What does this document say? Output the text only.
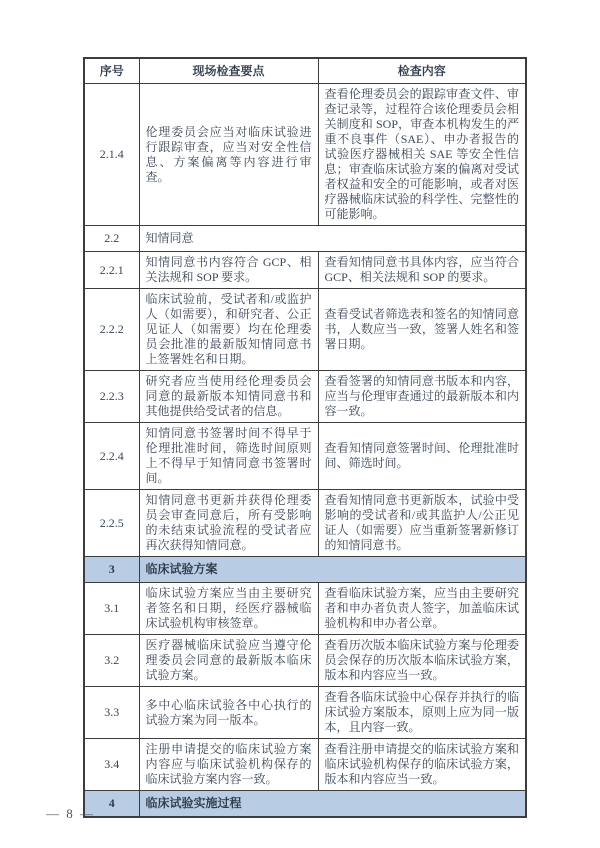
序号	现场检查要点	检查内容
2.1.4	伦理委员会应当对临床试验进行跟踪审查，应当对安全性信息、方案偏离等内容进行审查。	查看伦理委员会的跟踪审查文件、审查记录等，过程符合该伦理委员会相关制度和 SOP，审查本机构发生的严重不良事件（SAE）、申办者报告的试验医疗器械相关 SAE 等安全性信息；审查临床试验方案的偏离对受试者权益和安全的可能影响，或者对医疗器械临床试验的科学性、完整性的可能影响。
2.2	知情同意	
2.2.1	知情同意书内容符合 GCP、相关法规和 SOP 要求。	查看知情同意书具体内容，应当符合 GCP、相关法规和 SOP 的要求。
2.2.2	临床试验前，受试者和/或监护人（如需要），和研究者、公正见证人（如需要）均在伦理委员会批准的最新版知情同意书上签署姓名和日期。	查看受试者筛选表和签名的知情同意书，人数应当一致，签署人姓名和签署日期。
2.2.3	研究者应当使用经伦理委员会同意的最新版本知情同意书和其他提供给受试者的信息。	查看签署的知情同意书版本和内容，应当与伦理审查通过的最新版本和内容一致。
2.2.4	知情同意书签署时间不得早于伦理批准时间，筛选时间原则上不得早于知情同意书签署时间。	查看知情同意签署时间、伦理批准时间、筛选时间。
2.2.5	知情同意书更新并获得伦理委员会审查同意后，所有受影响的未结束试验流程的受试者应再次获得知情同意。	查看知情同意书更新版本，试验中受影响的受试者和/或其监护人/公正见证人（如需要）应当重新签署新修订的知情同意书。
3	临床试验方案	
3.1	临床试验方案应当由主要研究者签名和日期，经医疗器械临床试验机构审核签章。	查看临床试验方案，应当由主要研究者和申办者负责人签字，加盖临床试验机构和申办者公章。
3.2	医疗器械临床试验应当遵守伦理委员会同意的最新版本临床试验方案。	查看历次版本临床试验方案与伦理委员会保存的历次版本临床试验方案，版本和内容应当一致。
3.3	多中心临床试验各中心执行的试验方案为同一版本。	查看各临床试验中心保存并执行的临床试验方案版本，原则上应为同一版本，且内容一致。
3.4	注册申请提交的临床试验方案内容应与临床试验机构保存的临床试验方案内容一致。	查看注册申请提交的临床试验方案和临床试验机构保存的临床试验方案，版本和内容应当一致。
4	临床试验实施过程	
— 8 —
